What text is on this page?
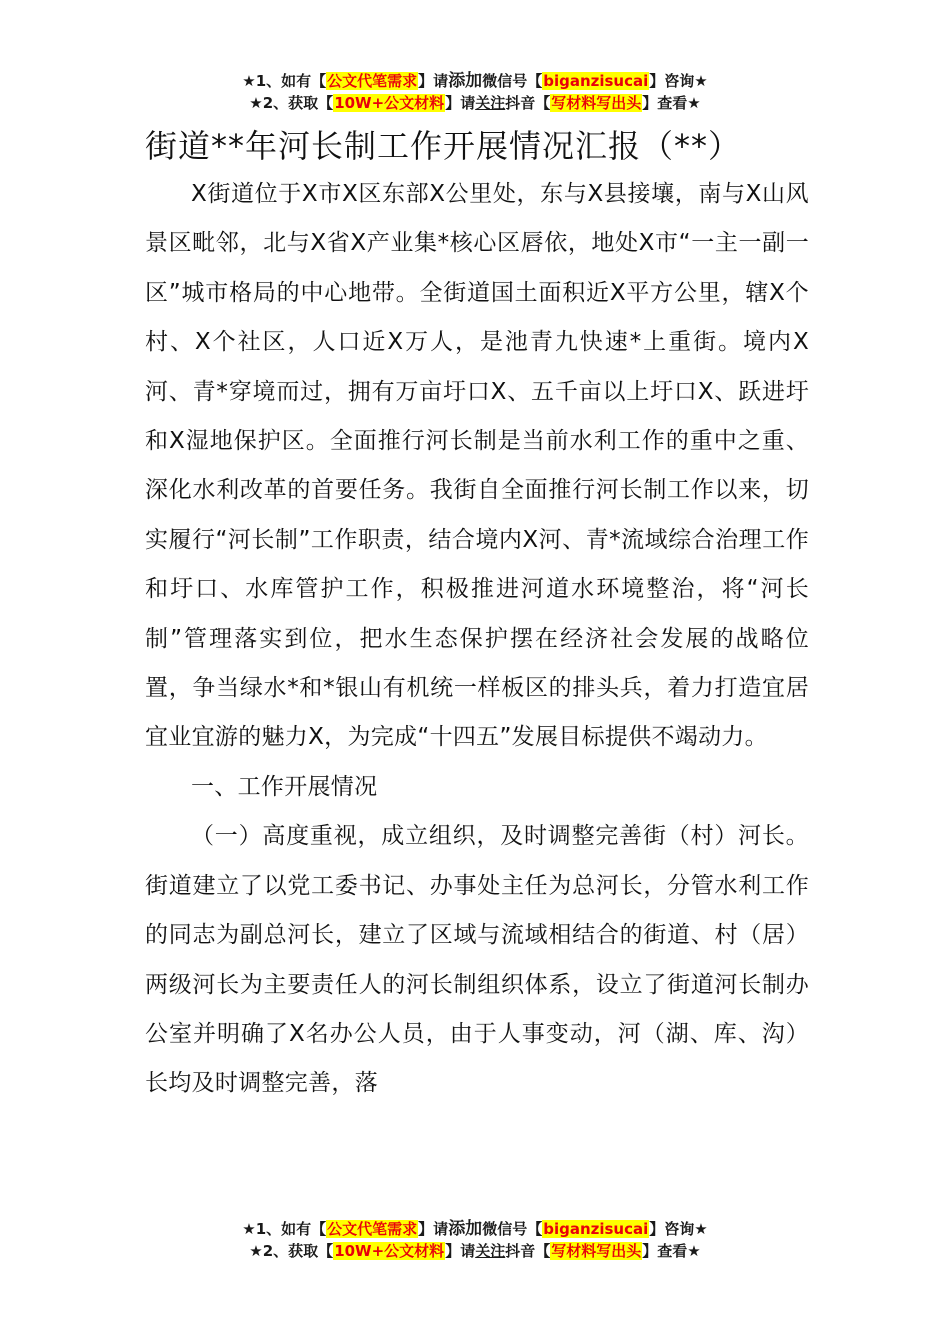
★1、如有【公文代笔需求】请添加微信号【biganzisucai】咨询★
★2、获取【10W+公文材料】请关注抖音【写材料写出头】查看★
街道**年河长制工作开展情况汇报（**）

X街道位于X市X区东部X公里处，东与X县接壤，南与X山风景区毗邻，北与X省X产业集*核心区唇依，地处X市“一主一副一区”城市格局的中心地带。全街道国土面积近X平方公里，辖X个村、X个社区，人口近X万人，是池青九快速*上重街。境内X河、青*穿境而过，拥有万亩圩口X、五千亩以上圩口X、跃进圩和X湿地保护区。全面推行河长制是当前水利工作的重中之重、深化水利改革的首要任务。我街自全面推行河长制工作以来，切实履行“河长制”工作职责，结合境内X河、青*流域综合治理工作和圩口、水库管护工作，积极推进河道水环境整治，将“河长制”管理落实到位，把水生态保护摆在经济社会发展的战略位置，争当绿水*和*银山有机统一样板区的排头兵，着力打造宜居宜业宜游的魅力X，为完成“十四五”发展目标提供不竭动力。

一、工作开展情况

（一）高度重视，成立组织，及时调整完善街（村）河长。街道建立了以党工委书记、办事处主任为总河长，分管水利工作的同志为副总河长，建立了区域与流域相结合的街道、村（居）两级河长为主要责任人的河长制组织体系，设立了街道河长制办公室并明确了X名办公人员，由于人事变动，河（湖、库、沟）长均及时调整完善，落

★1、如有【公文代笔需求】请添加微信号【biganzisucai】咨询★
★2、获取【10W+公文材料】请关注抖音【写材料写出头】查看★
